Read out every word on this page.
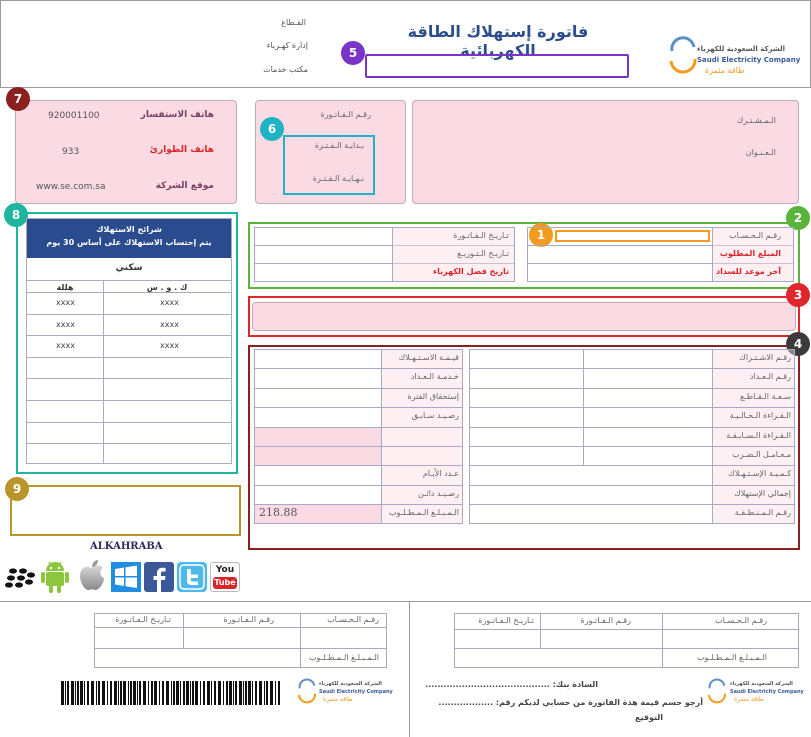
القـطاع
إدارة كهـرباء
مكتب خدمات
فاتورة إستهلاك الطاقة الكهربائية
5	الشركة السعودية للكهرباء
Saudi Electricity Company
طاقة مثمرة
7
هاتف الاستفسار
920001100
هاتف الطوارئ
933
موقع الشركة
www.se.com.sa
رقـم الـفـاتـورة
6
بـدايـة الـفـتـرة
نـهـايـة الـفـتـرة
الـمـشـتـرك
الـعـنـوان
2
1
تـاريـخ الـفـاتـورة
تـاريـخ الـتـوزيـع
تاريخ فصل الكهرباء
رقـم الـحـسـاب
المبلغ المطلوب
آخر موعد للسداد
3
4
رقـم الاشـتـراك
رقـم الـعـداد
سـعـة الـقـاطـع
الـقـراءة الـحـالـيـة
الـقـراءة الـسـابـقـة
مـعـامـل الـضـرب
كـمـيـة الإسـتـهـلاك
إجمالي الإستهلاك
رقـم الـمـنـطـقـة
قيـمـة الاسـتـهـلاك
خـدمـة الـعـداد
إستحقاق الفترة
رصـيـد سـابـق
عـدد الأيـام
رصـيـد دائـن
الـمـبـلـغ الـمـطـلـوب
218.88
8
شرائح الاستهلاك
يتم إحتساب الاستهلاك على أساس 30 يوم
سكني
ك . و . س
هللة
xxxx
xxxx
xxxx
xxxx
xxxx
xxxx
9
ALKAHRABA
You
Tube
رقـم الـحـسـاب
رقـم الـفـاتـورة
تـاريـخ الـفـاتـورة
الـمـبـلـغ الـمـطـلـوب
الشركة السعودية للكهرباء
Saudi Electricity Company
طاقة مثمرة
رقـم الـحـسـاب
رقـم الـفـاتـورة
تـاريـخ الـفـاتـورة
الـمـبـلـغ الـمـطـلـوب
السادة بنك: .........................................
أرجو حسم قيمة هذة الفاتورة من حسابي لديكم رقم: ..................
التوقيع
الشركة السعودية للكهرباء
Saudi Electricity Company
طاقة مثمرة
